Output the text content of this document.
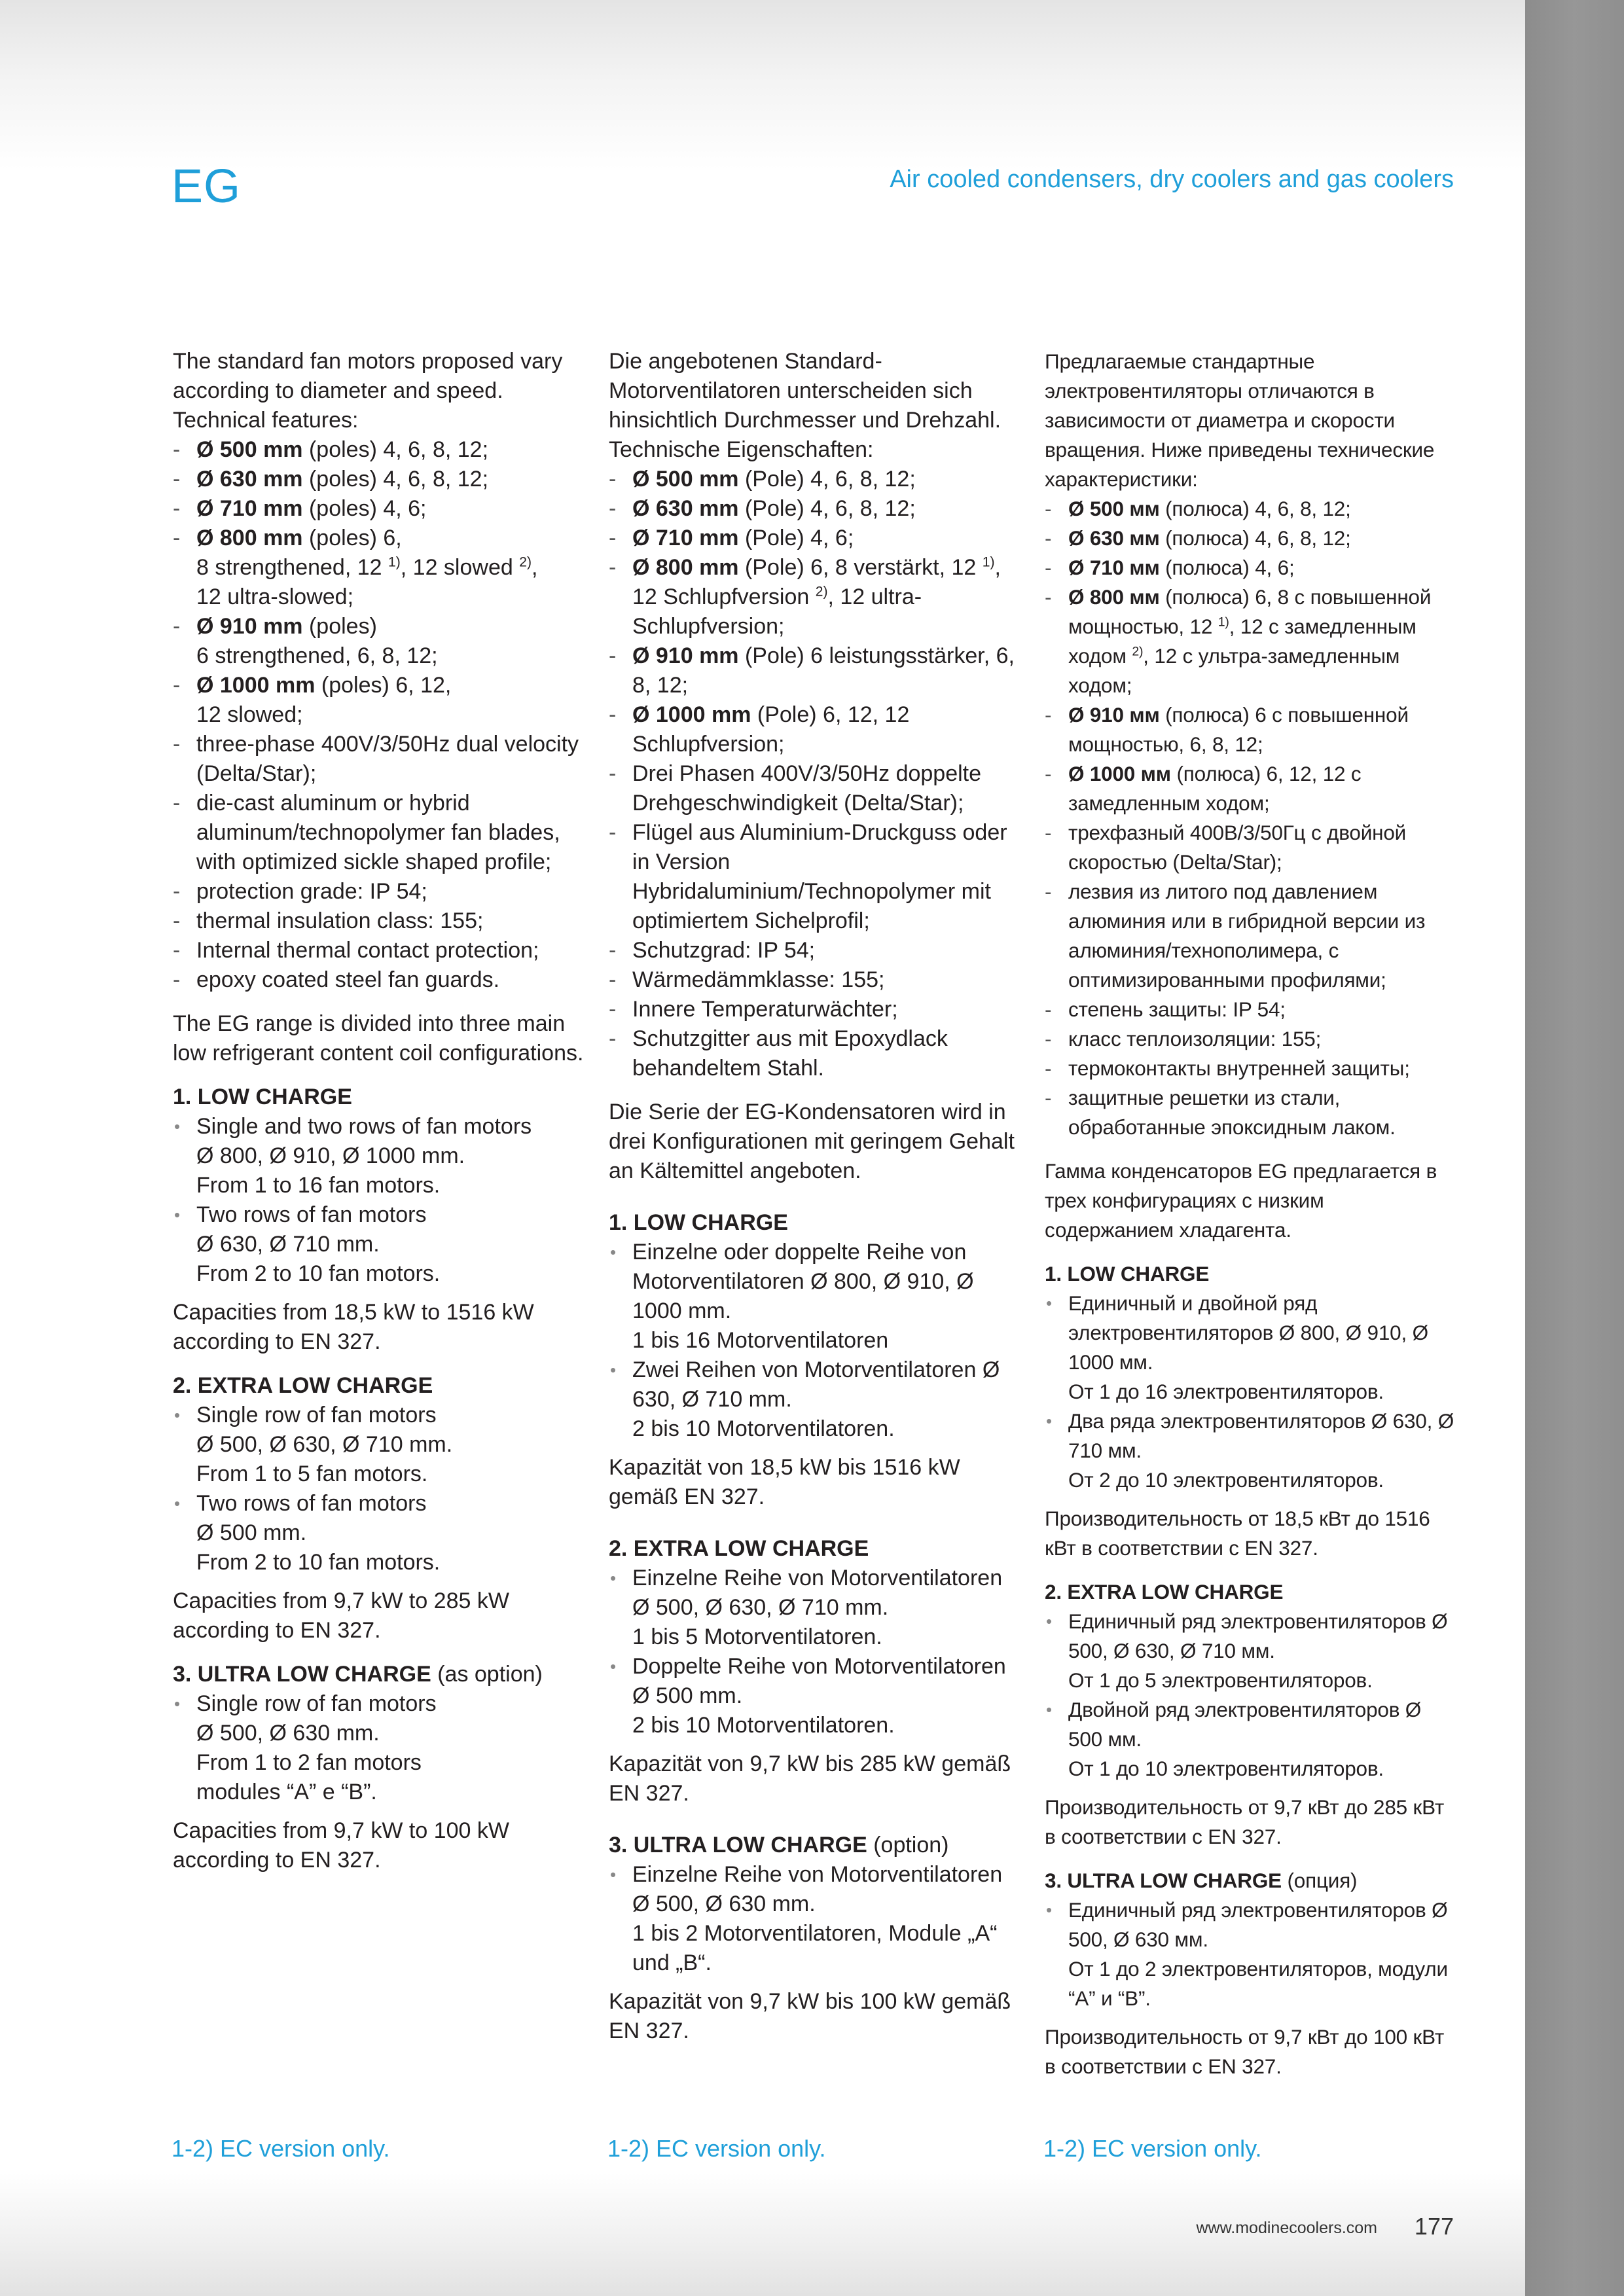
EG	Air cooled condensers, dry coolers and gas coolers

The standard fan motors proposed vary according to diameter and speed. Technical features:

- Ø 500 mm (poles) 4, 6, 8, 12;
- Ø 630 mm (poles) 4, 6, 8, 12;
- Ø 710 mm (poles) 4, 6;
- Ø 800 mm (poles) 6,
8 strengthened, 12 $^{1)}$, 12 slowed $^{2)}$,
12 ultra-slowed;
- Ø 910 mm (poles)
6 strengthened, 6, 8, 12;
- Ø 1000 mm (poles) 6, 12,
12 slowed;
- three-phase 400V/3/50Hz dual velocity (Delta/Star);
- die-cast aluminum or hybrid aluminum/technopolymer fan blades, with optimized sickle shaped profile;
- protection grade: IP 54;
- thermal insulation class: 155;
- Internal thermal contact protection;
- epoxy coated steel fan guards.

The EG range is divided into three main low refrigerant content coil configurations.

1. LOW CHARGE

• Single and two rows of fan motors
Ø 800, Ø 910, Ø 1000 mm.
From 1 to 16 fan motors.
• Two rows of fan motors
Ø 630, Ø 710 mm.
From 2 to 10 fan motors.

Capacities from 18,5 kW to 1516 kW according to EN 327.

2. EXTRA LOW CHARGE

• Single row of fan motors
Ø 500, Ø 630, Ø 710 mm.
From 1 to 5 fan motors.
• Two rows of fan motors
Ø 500 mm.
From 2 to 10 fan motors.

Capacities from 9,7 kW to 285 kW according to EN 327.

3. ULTRA LOW CHARGE (as option)

• Single row of fan motors
Ø 500, Ø 630 mm.
From 1 to 2 fan motors
modules “A” e “B”.

Capacities from 9,7 kW to 100 kW according to EN 327.

Die angebotenen Standard-Motorventilatoren unterscheiden sich hinsichtlich Durchmesser und Drehzahl. Technische Eigenschaften:

- Ø 500 mm (Pole) 4, 6, 8, 12;
- Ø 630 mm (Pole) 4, 6, 8, 12;
- Ø 710 mm (Pole) 4, 6;
- Ø 800 mm (Pole) 6, 8 verstärkt, 12 $^{1)}$, 12 Schlupfversion $^{2)}$, 12 ultra-Schlupfversion;
- Ø 910 mm (Pole) 6 leistungsstärker, 6, 8, 12;
- Ø 1000 mm (Pole) 6, 12, 12 Schlupfversion;
- Drei Phasen 400V/3/50Hz doppelte Drehgeschwindigkeit (Delta/Star);
- Flügel aus Aluminium-Druckguss oder in Version Hybridaluminium/Technopolymer mit optimiertem Sichelprofil;
- Schutzgrad: IP 54;
- Wärmedämmklasse: 155;
- Innere Temperaturwächter;
- Schutzgitter aus mit Epoxydlack behandeltem Stahl.

Die Serie der EG-Kondensatoren wird in drei Konfigurationen mit geringem Gehalt an Kältemittel angeboten.

1. LOW CHARGE

• Einzelne oder doppelte Reihe von Motorventilatoren Ø 800, Ø 910, Ø 1000 mm.
1 bis 16 Motorventilatoren
• Zwei Reihen von Motorventilatoren Ø 630, Ø 710 mm.
2 bis 10 Motorventilatoren.

Kapazität von 18,5 kW bis 1516 kW gemäß EN 327.

2. EXTRA LOW CHARGE

• Einzelne Reihe von Motorventilatoren Ø 500, Ø 630, Ø 710 mm.
1 bis 5 Motorventilatoren.
• Doppelte Reihe von Motorventilatoren Ø 500 mm.
2 bis 10 Motorventilatoren.

Kapazität von 9,7 kW bis 285 kW gemäß EN 327.

3. ULTRA LOW CHARGE (option)

• Einzelne Reihe von Motorventilatoren Ø 500, Ø 630 mm.
1 bis 2 Motorventilatoren, Module „A“ und „B“.

Kapazität von 9,7 kW bis 100 kW gemäß EN 327.

Предлагаемые стандартные электровентиляторы отличаются в зависимости от диаметра и скорости вращения. Ниже приведены технические характеристики:

- Ø 500 мм (полюса) 4, 6, 8, 12;
- Ø 630 мм (полюса) 4, 6, 8, 12;
- Ø 710 мм (полюса) 4, 6;
- Ø 800 мм (полюса) 6, 8 с повышенной мощностью, 12 $^{1)}$, 12 с замедленным ходом $^{2)}$, 12 с ультра-замедленным ходом;
- Ø 910 мм (полюса) 6 с повышенной мощностью, 6, 8, 12;
- Ø 1000 мм (полюса) 6, 12, 12 с замедленным ходом;
- трехфазный 400В/3/50Гц с двойной скоростью (Delta/Star);
- лезвия из литого под давлением алюминия или в гибридной версии из алюминия/технополимера, с оптимизированными профилями;
- степень защиты: IP 54;
- класс теплоизоляции: 155;
- термоконтакты внутренней защиты;
- защитные решетки из стали, обработанные эпоксидным лаком.

Гамма конденсаторов EG предлагается в трех конфигурациях с низким содержанием хладагента.

1. LOW CHARGE

• Единичный и двойной ряд электровентиляторов Ø 800, Ø 910, Ø 1000 мм.
От 1 до 16 электровентиляторов.
• Два ряда электровентиляторов Ø 630, Ø 710 мм.
От 2 до 10 электровентиляторов.

Производительность от 18,5 кВт до 1516 кВт в соответствии с EN 327.

2. EXTRA LOW CHARGE

• Единичный ряд электровентиляторов Ø 500, Ø 630, Ø 710 мм.
От 1 до 5 электровентиляторов.
• Двойной ряд электровентиляторов Ø 500 мм.
От 1 до 10 электровентиляторов.

Производительность от 9,7 кВт до 285 кВт в соответствии с EN 327.

3. ULTRA LOW CHARGE (опция)

• Единичный ряд электровентиляторов Ø 500, Ø 630 мм.
От 1 до 2 электровентиляторов, модули “А” и “В”.

Производительность от 9,7 кВт до 100 кВт в соответствии с EN 327.

1-2) EC version only.	1-2) EC version only.	1-2) EC version only.
www.modinecoolers.com 177
